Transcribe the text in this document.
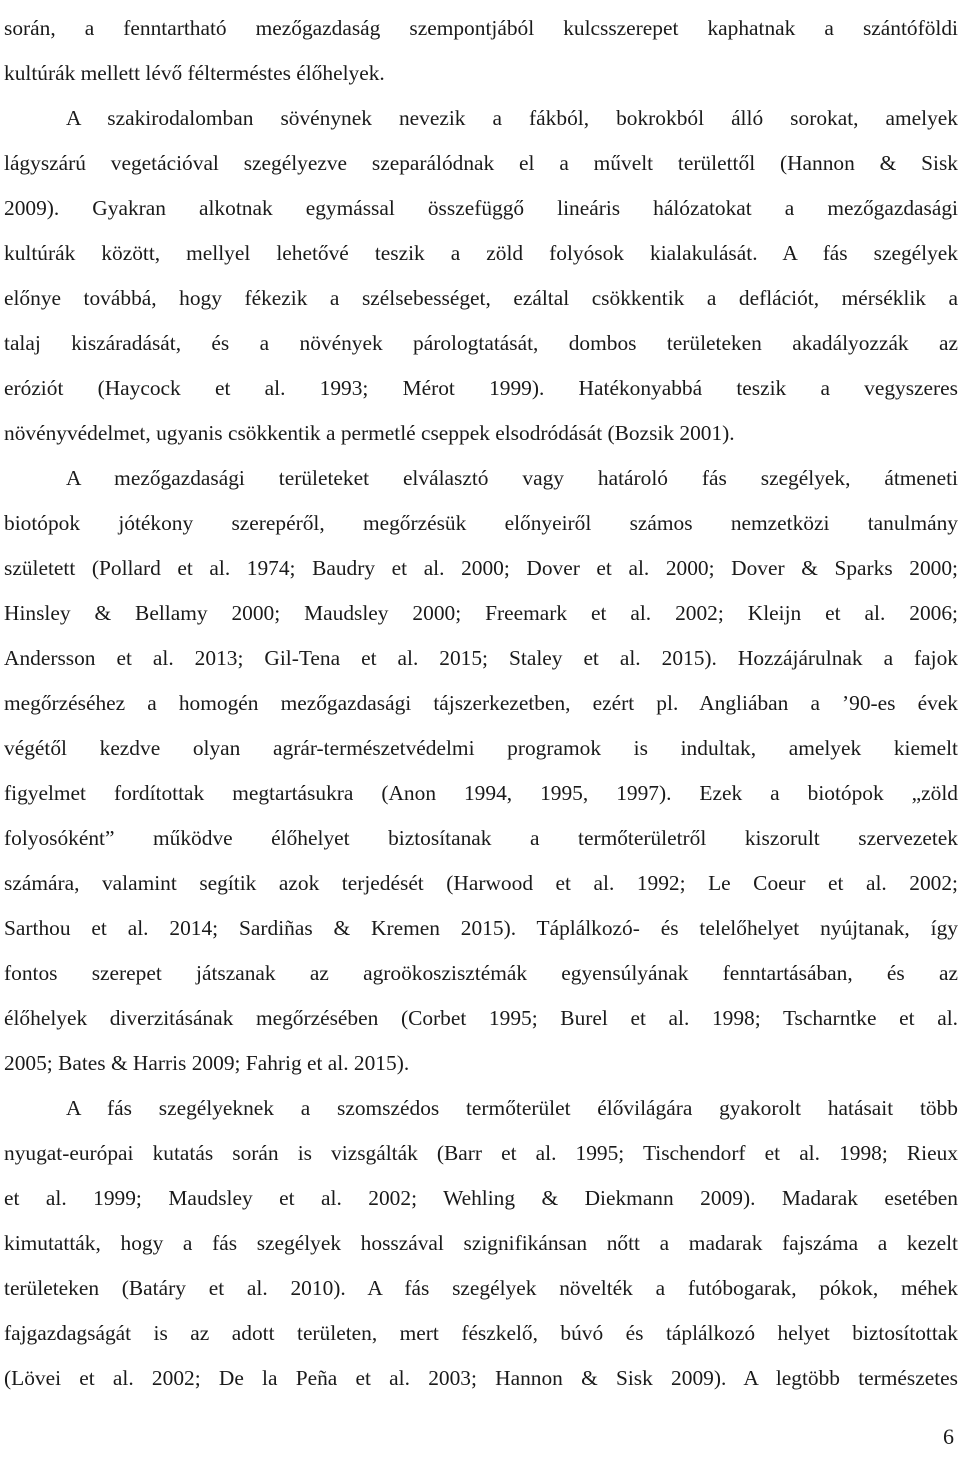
során, a fenntartható mezőgazdaság szempontjából kulcsszerepet kaphatnak a szántóföldi
kultúrák mellett lévő félterméstes élőhelyek.
A szakirodalomban sövénynek nevezik a fákból, bokrokból álló sorokat, amelyek
lágyszárú vegetációval szegélyezve szeparálódnak el a művelt területtől (Hannon & Sisk
2009). Gyakran alkotnak egymással összefüggő lineáris hálózatokat a mezőgazdasági
kultúrák között, mellyel lehetővé teszik a zöld folyósok kialakulását. A fás szegélyek
előnye továbbá, hogy fékezik a szélsebességet, ezáltal csökkentik a deflációt, mérséklik a
talaj kiszáradását, és a növények párologtatását, dombos területeken akadályozzák az
eróziót (Haycock et al. 1993; Mérot 1999). Hatékonyabbá teszik a vegyszeres
növényvédelmet, ugyanis csökkentik a permetlé cseppek elsodródását (Bozsik 2001).
A mezőgazdasági területeket elválasztó vagy határoló fás szegélyek, átmeneti
biotópok jótékony szerepéről, megőrzésük előnyeiről számos nemzetközi tanulmány
született (Pollard et al. 1974; Baudry et al. 2000; Dover et al. 2000; Dover & Sparks 2000;
Hinsley & Bellamy 2000; Maudsley 2000; Freemark et al. 2002; Kleijn et al. 2006;
Andersson et al. 2013; Gil-Tena et al. 2015; Staley et al. 2015). Hozzájárulnak a fajok
megőrzéséhez a homogén mezőgazdasági tájszerkezetben, ezért pl. Angliában a ’90-es évek
végétől kezdve olyan agrár-természetvédelmi programok is indultak, amelyek kiemelt
figyelmet fordítottak megtartásukra (Anon 1994, 1995, 1997). Ezek a biotópok „zöld
folyosóként” működve élőhelyet biztosítanak a termőterületről kiszorult szervezetek
számára, valamint segítik azok terjedését (Harwood et al. 1992; Le Coeur et al. 2002;
Sarthou et al. 2014; Sardiñas & Kremen 2015). Táplálkozó- és telelőhelyet nyújtanak, így
fontos szerepet játszanak az agroökoszisztémák egyensúlyának fenntartásában, és az
élőhelyek diverzitásának megőrzésében (Corbet 1995; Burel et al. 1998; Tscharntke et al.
2005; Bates & Harris 2009; Fahrig et al. 2015).
A fás szegélyeknek a szomszédos termőterület élővilágára gyakorolt hatásait több
nyugat-európai kutatás során is vizsgálták (Barr et al. 1995; Tischendorf et al. 1998; Rieux
et al. 1999; Maudsley et al. 2002; Wehling & Diekmann 2009). Madarak esetében
kimutatták, hogy a fás szegélyek hosszával szignifikánsan nőtt a madarak fajszáma a kezelt
területeken (Batáry et al. 2010). A fás szegélyek növelték a futóbogarak, pókok, méhek
fajgazdagságát is az adott területen, mert fészkelő, búvó és táplálkozó helyet biztosítottak
(Lövei et al. 2002; De la Peña et al. 2003; Hannon & Sisk 2009). A legtöbb természetes
6
